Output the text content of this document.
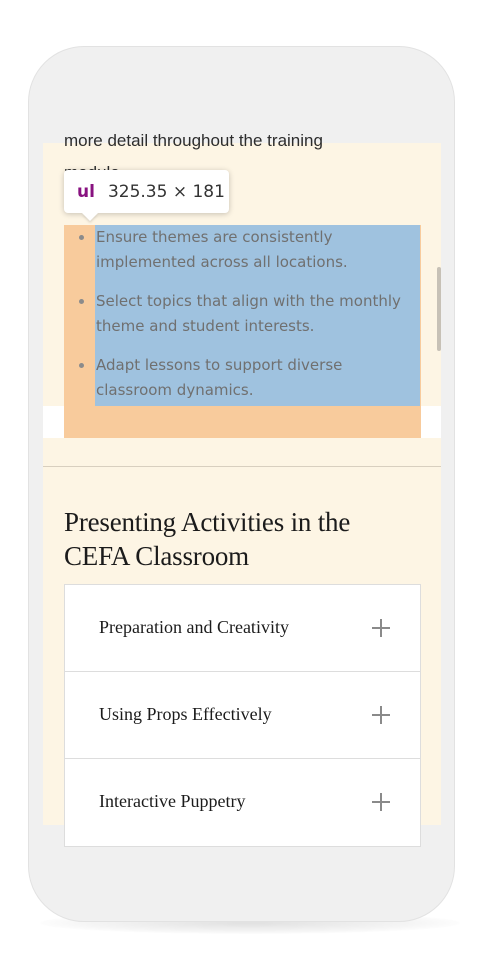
more detail throughout the training
Ensure themes are consistently implemented across all locations.
Select topics that align with the monthly theme and student interests.
Adapt lessons to support diverse classroom dynamics.
Presenting Activities in the CEFA Classroom
Preparation and Creativity
Using Props Effectively
Interactive Puppetry
ul 325.35 × 181
